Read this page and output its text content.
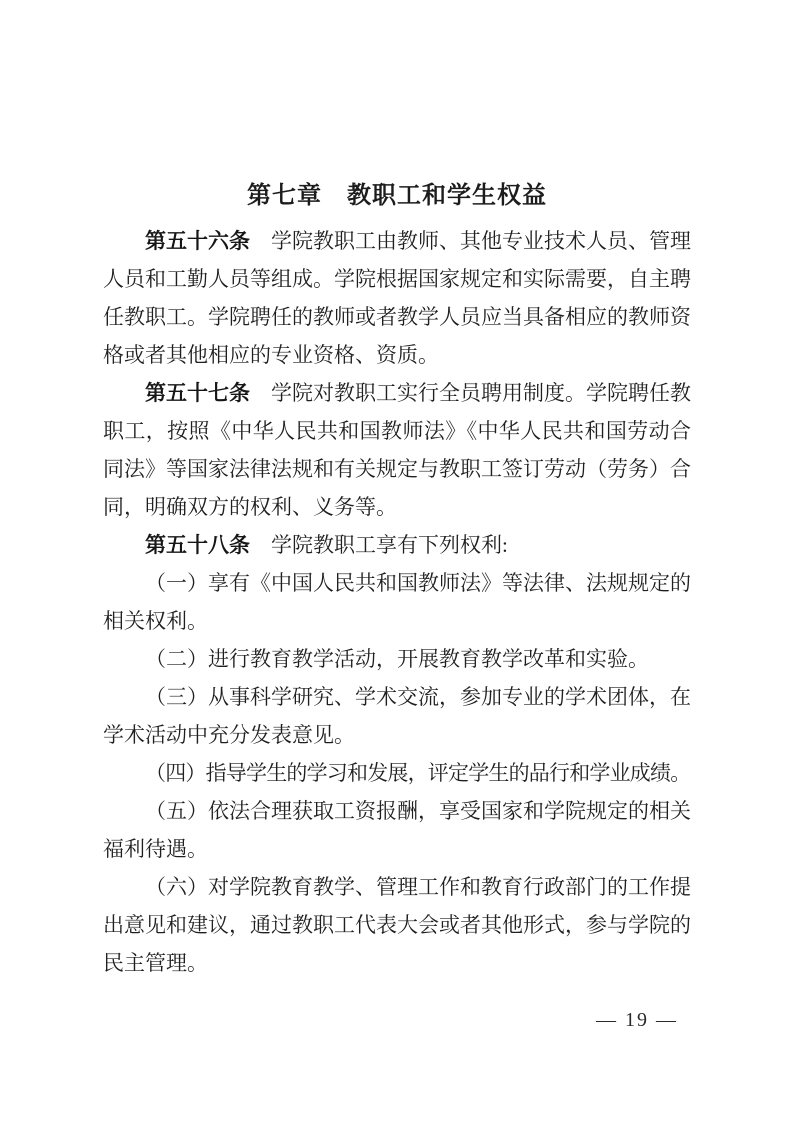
第七章　教职工和学生权益

第五十六条　学院教职工由教师、其他专业技术人员、管理人员和工勤人员等组成。学院根据国家规定和实际需要，自主聘任教职工。学院聘任的教师或者教学人员应当具备相应的教师资格或者其他相应的专业资格、资质。

第五十七条　学院对教职工实行全员聘用制度。学院聘任教职工，按照《中华人民共和国教师法》《中华人民共和国劳动合同法》等国家法律法规和有关规定与教职工签订劳动（劳务）合同，明确双方的权利、义务等。

第五十八条　学院教职工享有下列权利:

（一）享有《中国人民共和国教师法》等法律、法规规定的相关权利。

（二）进行教育教学活动，开展教育教学改革和实验。

（三）从事科学研究、学术交流，参加专业的学术团体，在学术活动中充分发表意见。

（四）指导学生的学习和发展，评定学生的品行和学业成绩。

（五）依法合理获取工资报酬，享受国家和学院规定的相关福利待遇。

（六）对学院教育教学、管理工作和教育行政部门的工作提出意见和建议，通过教职工代表大会或者其他形式，参与学院的民主管理。

— 19 —
